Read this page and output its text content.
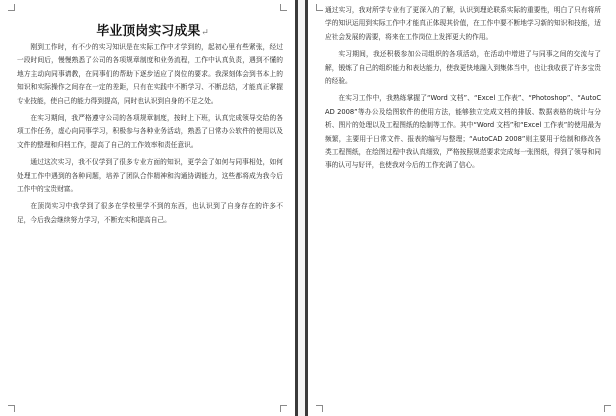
毕业顶岗实习成果↵

刚到工作时，有不少的实习知识是在实际工作中才学到的，起初心里有些紧张，经过一段时间后，慢慢熟悉了公司的各项规章制度和业务流程，工作中认真负责，遇到不懂的地方主动向同事请教，在同事们的帮助下逐步适应了岗位的要求。我深刻体会到书本上的知识和实际操作之间存在一定的差距，只有在实践中不断学习、不断总结，才能真正掌握专业技能，使自己的能力得到提高，同时也认识到自身的不足之处。

在实习期间，我严格遵守公司的各项规章制度，按时上下班，认真完成领导交给的各项工作任务，虚心向同事学习，积极参与各种业务活动，熟悉了日常办公软件的使用以及文件的整理和归档工作，提高了自己的工作效率和责任意识。

通过这次实习，我不仅学到了很多专业方面的知识，更学会了如何与同事相处，如何处理工作中遇到的各种问题，培养了团队合作精神和沟通协调能力，这些都将成为我今后工作中的宝贵财富。

在顶岗实习中我学到了很多在学校里学不到的东西，也认识到了自身存在的许多不足，今后我会继续努力学习，不断充实和提高自己。

通过实习，我对所学专业有了更深入的了解，认识到理论联系实际的重要性，明白了只有将所学的知识运用到实际工作中才能真正体现其价值，在工作中要不断地学习新的知识和技能，适应社会发展的需要，将来在工作岗位上发挥更大的作用。

实习期间，我还积极参加公司组织的各项活动，在活动中增进了与同事之间的交流与了解，锻炼了自己的组织能力和表达能力，使我更快地融入到集体当中，也让我收获了许多宝贵的经验。

在实习工作中，我熟练掌握了“Word 文档”、“Excel 工作表”、“Photoshop”、“AutoCAD 2008”等办公及绘图软件的使用方法，能够独立完成文档的排版、数据表格的统计与分析、图片的处理以及工程图纸的绘制等工作。其中“Word 文档”和“Excel 工作表”的使用最为频繁，主要用于日常文件、报表的编写与整理；“AutoCAD 2008”则主要用于绘制和修改各类工程图纸，在绘图过程中我认真细致，严格按照规范要求完成每一张图纸，得到了领导和同事的认可与好评，也使我对今后的工作充满了信心。
